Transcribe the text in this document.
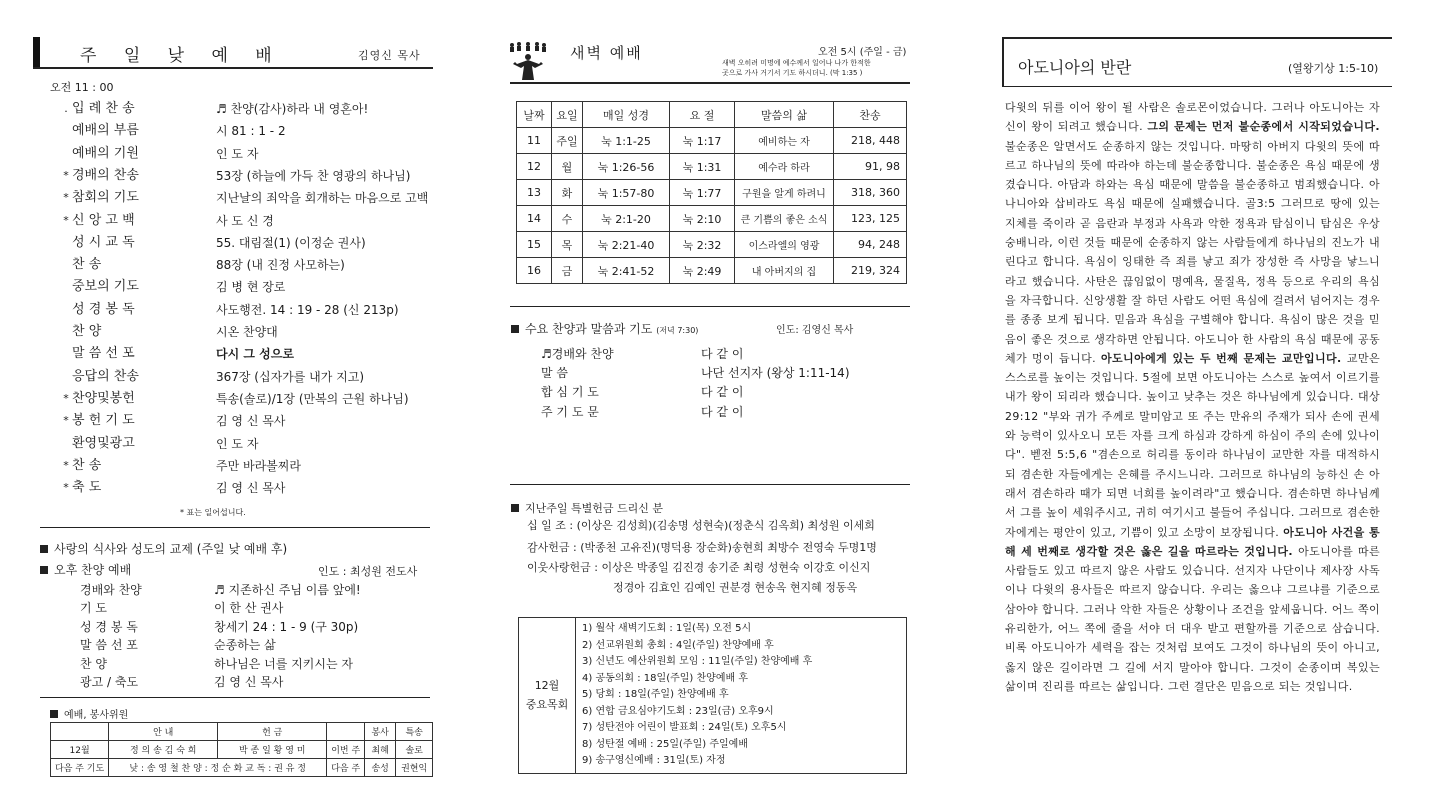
주 일 낮 예 배	김영신 목사
오전 11 : 00
. 입 례 찬 송	♬ 찬양(감사)하라 내 영혼아!
예배의 부름	시 81 : 1 - 2
예배의 기원	인 도 자
* 경배의 찬송	53장 (하늘에 가득 찬 영광의 하나님)
* 참회의 기도	지난날의 죄악을 회개하는 마음으로 고백
* 신 앙 고 백	사 도 신 경
성 시 교 독	55. 대림절(1) (이정순 권사)
찬 송	88장 (내 진정 사모하는)
중보의 기도	김 병 현 장로
성 경 봉 독	사도행전. 14 : 19 - 28 (신 213p)
찬 양	시온 찬양대
말 씀 선 포	다시 그 성으로
응답의 찬송	367장 (십자가를 내가 지고)
* 찬양및봉헌	특송(솔로)/1장 (만복의 근원 하나님)
* 봉 헌 기 도	김 영 신 목사
환영및광고	인 도 자
* 찬 송	주만 바라볼찌라
* 축 도	김 영 신 목사
* 표는 일어섭니다.
사랑의 식사와 성도의 교제 (주일 낮 예배 후)
오후 찬양 예배	인도 : 최성원 전도사
경배와 찬양	♬ 지존하신 주님 이름 앞에!
기 도	이 한 산 권사
성 경 봉 독	창세기 24 : 1 - 9 (구 30p)
말 씀 선 포	순종하는 삶
찬 양	하나님은 너를 지키시는 자
광고 / 축도	김 영 신 목사
예배, 봉사위원
	안 내	헌 금		봉사	특송
12월	정 의 송 김 숙 희	박 종 일 황 영 미	이번 주	최혜	솔로
다음 주 기도	낮 : 송 영 철 찬 양 : 정 순 화 교 독 : 권 유 정		다음 주	송성	권현익
새벽 예배	오전 5시 (주일 - 금)
새벽 오히려 미명에 예수께서 일어나 나가 한적한
곳으로 가사 거기서 기도 하시더니. (막 1:35 )
날짜	요일	매일 성경	요 절	말씀의 삶	찬송
11	주일	눅 1:1-25	눅 1:17	예비하는 자	218, 448
12	월	눅 1:26-56	눅 1:31	예수라 하라	91, 98
13	화	눅 1:57-80	눅 1:77	구원을 알게 하려니	318, 360
14	수	눅 2:1-20	눅 2:10	큰 기쁨의 좋은 소식	123, 125
15	목	눅 2:21-40	눅 2:32	이스라엘의 영광	94, 248
16	금	눅 2:41-52	눅 2:49	내 아버지의 집	219, 324
수요 찬양과 말씀과 기도 (저녁 7:30)	인도: 김영신 목사
♬경배와 찬양	다 같 이
말 씀	나단 선지자 (왕상 1:11-14)
합 심 기 도	다 같 이
주 기 도 문	다 같 이
지난주일 특별헌금 드리신 분
십 일 조 : (이상은 김성희)(김송명 성현숙)(정춘식 김옥희) 최성원 이세희
감사헌금 : (박종천 고유진)(명덕용 장순화)송현희 최방수 전영숙 두명1명
이웃사랑헌금 : 이상은 박종일 김진경 송기준 최령 성현숙 이강호 이신지
정경아 김효인 김예인 권분경 현송옥 현지혜 정동옥
12월
중요목회

1) 월삭 새벽기도회 : 1일(목) 오전 5시
2) 선교위원회 총회 : 4일(주일) 찬양예배 후
3) 신년도 예산위원회 모임 : 11일(주일) 찬양예배 후
4) 공동의회 : 18일(주일) 찬양예배 후
5) 당회 : 18일(주일) 찬양예배 후
6) 연합 금요심야기도회 : 23일(금) 오후9시
7) 성탄전야 어린이 발표회 : 24일(토) 오후5시
8) 성탄절 예배 : 25일(주일) 주일예배
9) 송구영신예배 : 31일(토) 자정
아도니아의 반란	(열왕기상 1:5-10)
다윗의 뒤를 이어 왕이 될 사람은 솔로몬이었습니다. 그러나 아도니아는 자신이 왕이 되려고 했습니다. 그의 문제는 먼저 불순종에서 시작되었습니다. 불순종은 알면서도 순종하지 않는 것입니다. 마땅히 아버지 다윗의 뜻에 따르고 하나님의 뜻에 따라야 하는데 불순종합니다. 불순종은 욕심 때문에 생겼습니다. 아담과 하와는 욕심 때문에 말씀을 불순종하고 범죄했습니다. 아나니아와 삽비라도 욕심 때문에 실패했습니다. 골3:5 그러므로 땅에 있는 지체를 죽이라 곧 음란과 부정과 사욕과 악한 정욕과 탐심이니 탐심은 우상 숭배니라, 이런 것들 때문에 순종하지 않는 사람들에게 하나님의 진노가 내린다고 합니다. 욕심이 잉태한 즉 죄를 낳고 죄가 장성한 즉 사망을 낳느니라고 했습니다. 사탄은 끊임없이 명예욕, 물질욕, 정욕 등으로 우리의 욕심을 자극합니다. 신앙생활 잘 하던 사람도 어떤 욕심에 걸려서 넘어지는 경우를 종종 보게 됩니다. 믿음과 욕심을 구별해야 합니다. 욕심이 많은 것을 믿음이 좋은 것으로 생각하면 안됩니다. 아도니아 한 사람의 욕심 때문에 공동체가 멍이 듭니다. 아도니아에게 있는 두 번째 문제는 교만입니다. 교만은 스스로를 높이는 것입니다. 5절에 보면 아도니아는 스스로 높여서 이르기를 내가 왕이 되리라 했습니다. 높이고 낮추는 것은 하나님에게 있습니다. 대상29:12 "부와 귀가 주께로 말미암고 또 주는 만유의 주재가 되사 손에 권세와 능력이 있사오니 모든 자를 크게 하심과 강하게 하심이 주의 손에 있나이다". 벧전 5:5,6 "겸손으로 허리를 동이라 하나님이 교만한 자를 대적하시되 겸손한 자들에게는 은혜를 주시느니라. 그러므로 하나님의 능하신 손 아래서 겸손하라 때가 되면 너희를 높이려라"고 했습니다. 겸손하면 하나님께서 그를 높이 세워주시고, 귀히 여기시고 불들어 주십니다. 그러므로 겸손한 자에게는 평안이 있고, 기쁨이 있고 소망이 보장됩니다. 아도니아 사건을 통해 세 번째로 생각할 것은 옳은 길을 따르라는 것입니다. 아도니아를 따른 사람들도 있고 따르지 않은 사람도 있습니다. 선지자 나단이나 제사장 사독이나 다윗의 용사들은 따르지 않습니다. 우리는 옳으냐 그르냐를 기준으로 삼아야 합니다. 그러나 악한 자들은 상황이나 조건을 앞세웁니다. 어느 쪽이 유리한가, 어느 쪽에 줄을 서야 더 대우 받고 편할까를 기준으로 삼습니다. 비록 아도니아가 세력을 잡는 것처럼 보여도 그것이 하나님의 뜻이 아니고, 옳지 않은 길이라면 그 길에 서지 말아야 합니다. 그것이 순종이며 복있는 삶이며 진리를 따르는 삶입니다. 그런 결단은 믿음으로 되는 것입니다.
